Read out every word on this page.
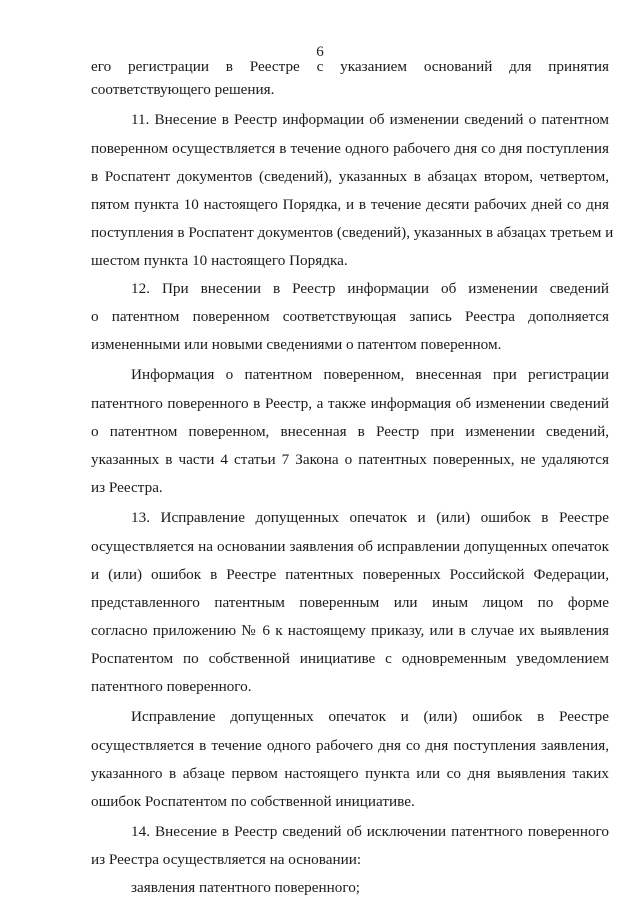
6
его регистрации в Реестре с указанием оснований для принятия
соответствующего решения.
11. Внесение в Реестр информации об изменении сведений о патентном
поверенном осуществляется в течение одного рабочего дня со дня поступления
в Роспатент документов (сведений), указанных в абзацах втором, четвертом,
пятом пункта 10 настоящего Порядка, и в течение десяти рабочих дней со дня
поступления в Роспатент документов (сведений), указанных в абзацах третьем и
шестом пункта 10 настоящего Порядка.
12. При внесении в Реестр информации об изменении сведений
о патентном поверенном соответствующая запись Реестра дополняется
измененными или новыми сведениями о патентом поверенном.
Информация о патентном поверенном, внесенная при регистрации
патентного поверенного в Реестр, а также информация об изменении сведений
о патентном поверенном, внесенная в Реестр при изменении сведений,
указанных в части 4 статьи 7 Закона о патентных поверенных, не удаляются
из Реестра.
13. Исправление допущенных опечаток и (или) ошибок в Реестре
осуществляется на основании заявления об исправлении допущенных опечаток
и (или) ошибок в Реестре патентных поверенных Российской Федерации,
представленного патентным поверенным или иным лицом по форме
согласно приложению № 6 к настоящему приказу, или в случае их выявления
Роспатентом по собственной инициативе с одновременным уведомлением
патентного поверенного.
Исправление допущенных опечаток и (или) ошибок в Реестре
осуществляется в течение одного рабочего дня со дня поступления заявления,
указанного в абзаце первом настоящего пункта или со дня выявления таких
ошибок Роспатентом по собственной инициативе.
14. Внесение в Реестр сведений об исключении патентного поверенного
из Реестра осуществляется на основании:
заявления патентного поверенного;
